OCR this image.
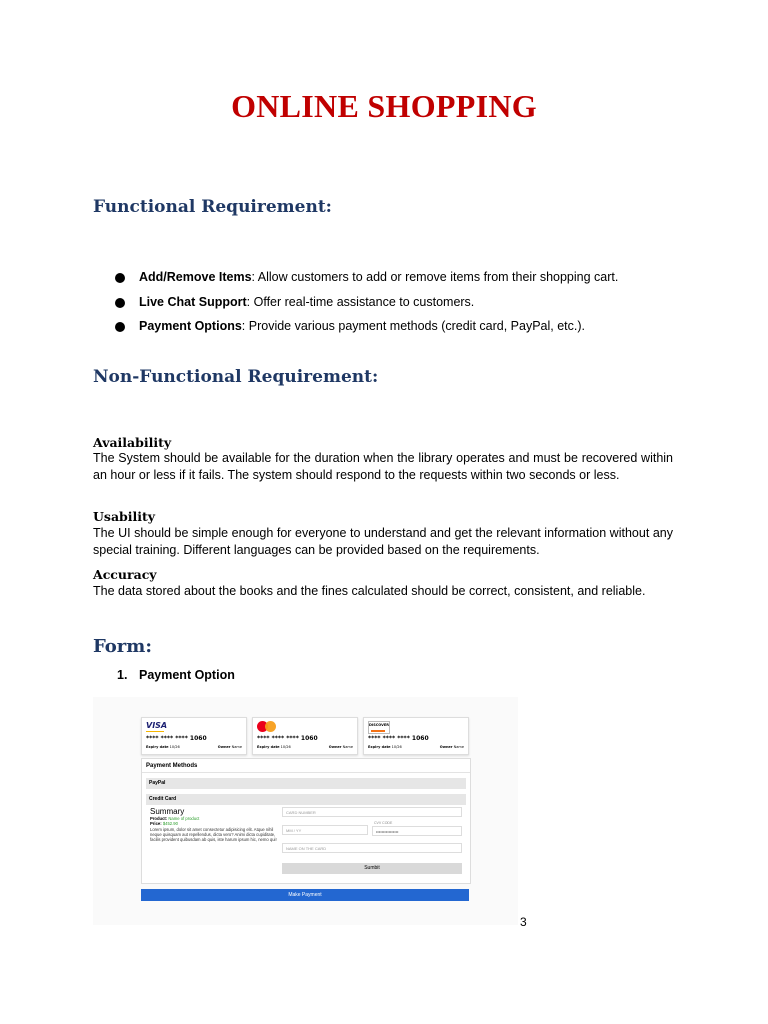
ONLINE SHOPPING
Functional Requirement:
Add/Remove Items: Allow customers to add or remove items from their shopping cart.
Live Chat Support: Offer real-time assistance to customers.
Payment Options: Provide various payment methods (credit card, PayPal, etc.).
Non-Functional Requirement:
Availability

The System should be available for the duration when the library operates and must be recovered within an hour or less if it fails. The system should respond to the requests within two seconds or less.

Usability

The UI should be simple enough for everyone to understand and get the relevant information without any special training. Different languages can be provided based on the requirements.

Accuracy

The data stored about the books and the fines calculated should be correct, consistent, and reliable.

Form:
1. Payment Option
VISA
**** **** **** 1060
Expiry date 10/26	Owner Name
**** **** **** 1060
Expiry date 10/26	Owner Name
DISCOVER
**** **** **** 1060
Expiry date 10/26	Owner Name
Payment Methods
PayPal
Credit Card
Summary
Product: Name of product
Price: $452.90
Lorem ipsum, dolor sit amet consectetur adipisicing elit. Atque nihil neque quisquam aut repellendus, dicta vero? Animi dicta cupiditate, facilis provident quibusdam ab quis, iste harum ipsum hic, nemo qui!
CARD NUMBER
MM / YY
CVV CODE
••••••••••••••••
NAME ON THE CARD
Sumbit
Make Payment
3
